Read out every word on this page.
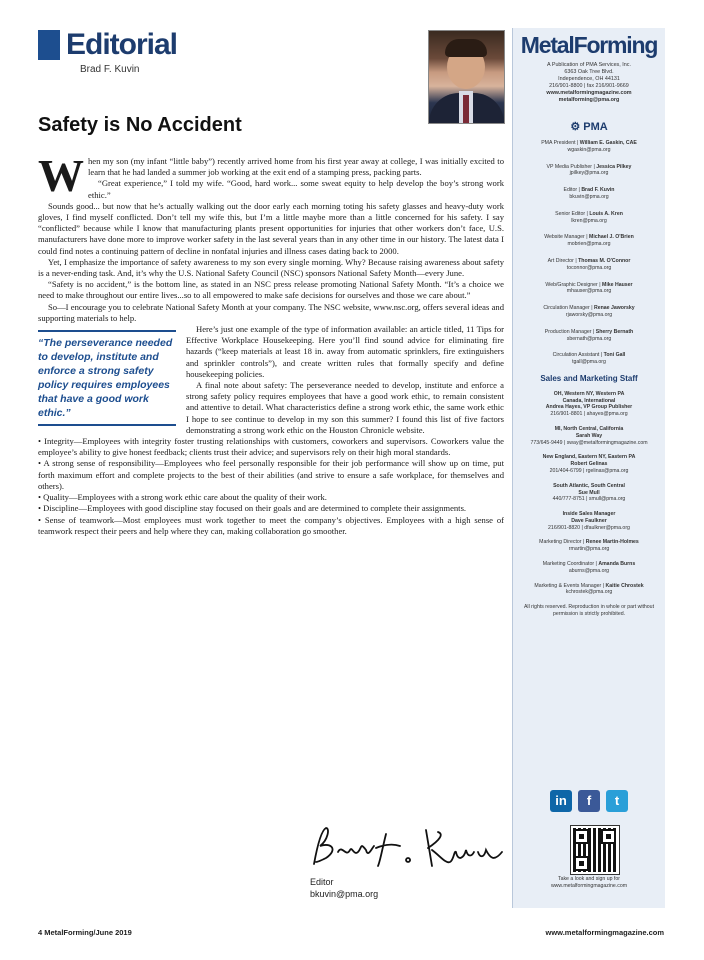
Editorial
Brad F. Kuvin
Safety is No Accident

When my son (my infant “little baby”) recently arrived home from his first year away at college, I was initially excited to learn that he had landed a summer job working at the exit end of a stamping press, packing parts.

“Great experience,” I told my wife. “Good, hard work... some sweat equity to help develop the boy’s strong work ethic.”

Sounds good... but now that he’s actually walking out the door early each morning toting his safety glasses and heavy-duty work gloves, I find myself conflicted. Don’t tell my wife this, but I’m a little maybe more than a little concerned for his safety. I say “conflicted” because while I know that manufacturing plants present opportunities for injuries that other workers don’t face, U.S. manufacturers have done more to improve worker safety in the last several years than in any other time in our history. The latest data I could find notes a continuing pattern of decline in nonfatal injuries and illness cases dating back to 2000.

Yet, I emphasize the importance of safety awareness to my son every single morning. Why? Because raising awareness about safety is a never-ending task. And, it’s why the U.S. National Safety Council (NSC) sponsors National Safety Month—every June.

“Safety is no accident,” is the bottom line, as stated in an NSC press release promoting National Safety Month. “It’s a choice we need to make throughout our entire lives...so to all empowered to make safe decisions for ourselves and those we care about.”

So—I encourage you to celebrate National Safety Month at your company. The NSC website, www.nsc.org, offers several ideas and supporting materials to help.

“The perseverance needed to develop, institute and enforce a strong safety policy requires employees that have a good work ethic.”

Here’s just one example of the type of information available: an article titled, 11 Tips for Effective Workplace Housekeeping. Here you’ll find sound advice for eliminating fire hazards (“keep materials at least 18 in. away from automatic sprinklers, fire extinguishers and sprinkler controls”), and create written rules that formally specify and define housekeeping policies.

A final note about safety: The perseverance needed to develop, institute and enforce a strong safety policy requires employees that have a good work ethic, to remain consistent and attentive to detail. What characteristics define a strong work ethic, the same work ethic I hope to see continue to develop in my son this summer? I found this list of five factors demonstrating a strong work ethic on the Houston Chronicle website.

• Integrity—Employees with integrity foster trusting relationships with customers, coworkers and supervisors. Coworkers value the employee’s ability to give honest feedback; clients trust their advice; and supervisors rely on their high moral standards.

• A strong sense of responsibility—Employees who feel personally responsible for their job performance will show up on time, put forth maximum effort and complete projects to the best of their abilities (and strive to ensure a safe workplace, for themselves and others).

• Quality—Employees with a strong work ethic care about the quality of their work.

• Discipline—Employees with good discipline stay focused on their goals and are determined to complete their assignments.

• Sense of teamwork—Most employees must work together to meet the company’s objectives. Employees with a high sense of teamwork respect their peers and help where they can, making collaboration go smoother.

Brad F. Kuvin
Editor
bkuvin@pma.org
4 MetalForming/June 2019	www.metalformingmagazine.com
MetalForming
A Publication of PMA Services, Inc.
6363 Oak Tree Blvd.
Independence, OH 44131
216/901-8800 | fax 216/901-9669
www.metalformingmagazine.com
metalforming@pma.org
⚙ PMA
PMA President | William E. Gaskin, CAE
wgaskin@pma.org
VP Media Publisher | Jessica Pilkey
jpilkey@pma.org
Editor | Brad F. Kuvin
bkuvin@pma.org
Senior Editor | Louis A. Kren
lkren@pma.org
Website Manager | Michael J. O'Brien
mobrien@pma.org
Art Director | Thomas M. O'Connor
toconnor@pma.org
Web/Graphic Designer | Mike Hauser
mhauser@pma.org
Circulation Manager | Renae Jaworsky
rjaworsky@pma.org
Production Manager | Sherry Bernath
sbernath@pma.org
Circulation Assistant | Toni Gall
tgall@pma.org
Sales and Marketing Staff
OH, Western NY, Western PA
Canada, International
Andrea Hayes, VP Group Publisher
216/901-8801 | ahayes@pma.org
MI, North Central, California
Sarah Way
773/645-9449 | sway@metalformingmagazine.com
New England, Eastern NY, Eastern PA
Robert Gelinas
201/404-6799 | rgelinas@pma.org
South Atlantic, South Central
Sue Mull
440/777-8751 | smull@pma.org
Inside Sales Manager
Dave Faulkner
216/901-8820 | dfaulkner@pma.org
Marketing Director | Renee Martin-Holmes
rmartin@pma.org
Marketing Coordinator | Amanda Burns
aburns@pma.org
Marketing & Events Manager | Kaitie Chrostek
kchrostek@pma.org
All rights reserved. Reproduction in whole or part without permission is strictly prohibited.
in	f	t
Take a look and sign up for
www.metalformingmagazine.com
